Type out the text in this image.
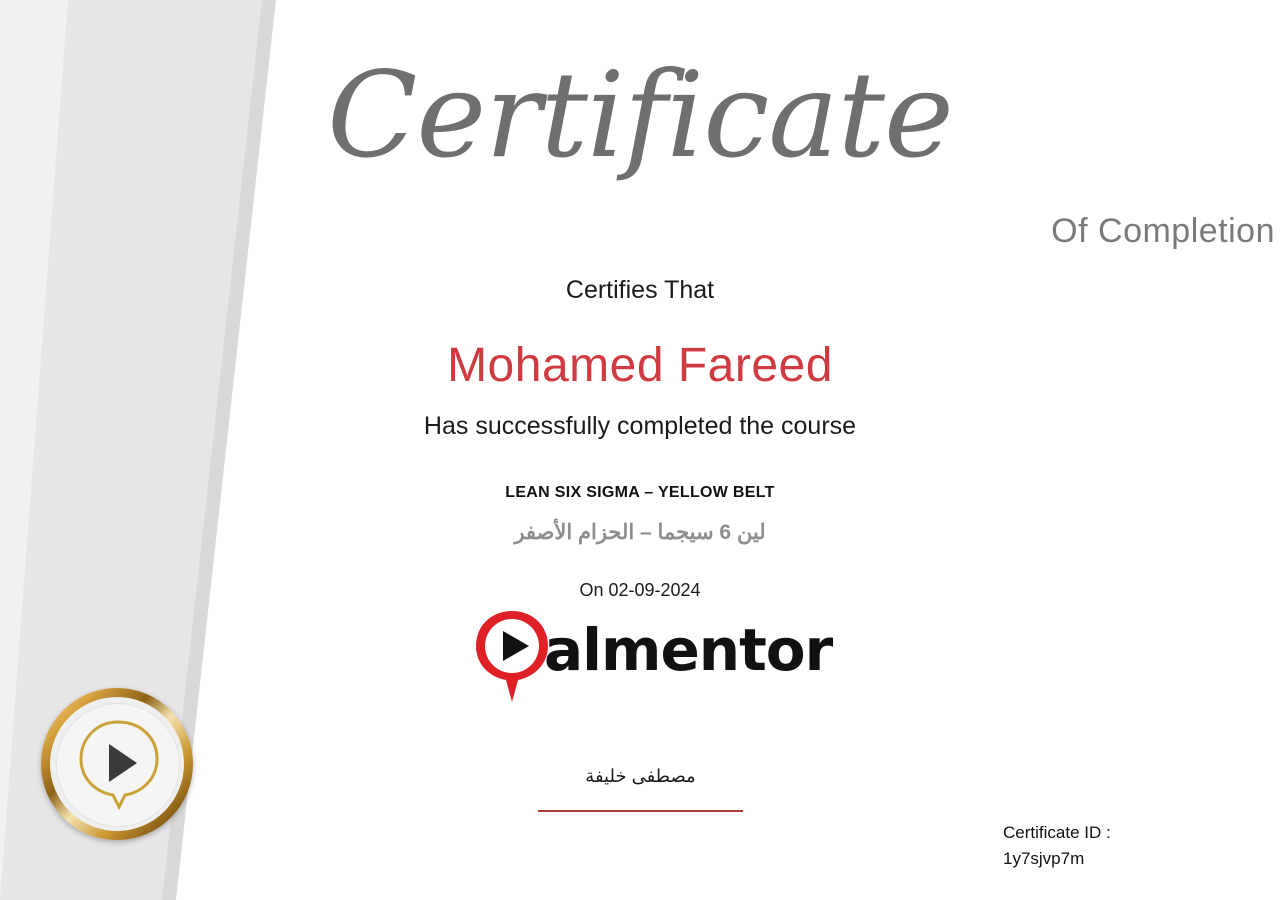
Certificate
Of Completion
Certifies That
Mohamed Fareed
Has successfully completed the course
LEAN SIX SIGMA – YELLOW BELT
لين 6 سيجما – الحزام الأصفر
On 02-09-2024
almentor
مصطفى خليفة
Certificate ID :
1y7sjvp7m
